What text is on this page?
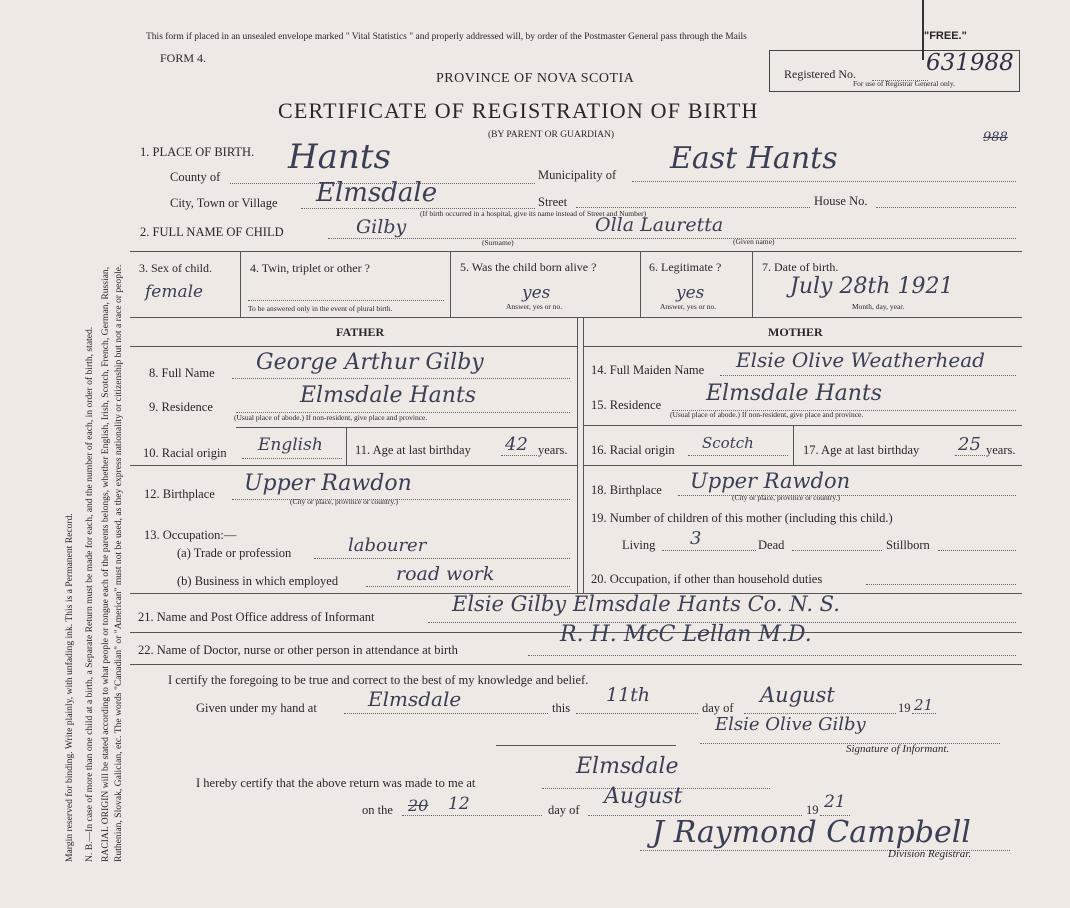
Margin reserved for binding. Write plainly, with unfading ink. This is a Permanent Record. N. B.—In case of more than one child at a birth, a Separate Return must be made for each, and the number of each, in order of birth, stated. RACIAL ORIGIN will be stated according to what people or tongue each of the parents belongs, whether English, Irish, Scotch, French, German, Russian, Ruthenian, Slovak, Galician, etc. The words "Canadian" or "American" must not be used, as they express nationality or citizenship but not a race or people.
This form if placed in an unsealed envelope marked " Vital Statistics " and properly addressed will, by order of the Postmaster General pass through the Mails	"FREE."
FORM 4.
PROVINCE OF NOVA SCOTIA
CERTIFICATE OF REGISTRATION OF BIRTH
(BY PARENT OR GUARDIAN)
Registered No.	631988
For use of Registrar General only.
988
1. PLACE OF BIRTH.
County of Hants	Municipality of East Hants
City, Town or Village Elmsdale	Street	House No.
(If birth occurred in a hospital, give its name instead of Street and Number)
2. FULL NAME OF CHILD	Gilby	Olla Lauretta
(Surname)	(Given name)
3. Sex of child.
female
4. Twin, triplet or other ?
To be answered only in the event of plural birth.
5. Was the child born alive ?
yes
Answer, yes or no.
6. Legitimate ?
yes
Answer, yes or no.
7. Date of birth.
July 28th 1921
Month, day, year.
FATHER	MOTHER
8. Full Name George Arthur Gilby
9. Residence	Elmsdale Hants
(Usual place of abode.) If non-resident, give place and province.
10. Racial origin English	11. Age at last birthday 42 years.
12. Birthplace Upper Rawdon
(City or place, province or country.)
13. Occupation:—
(a) Trade or profession	labourer
(b) Business in which employed	road work
14. Full Maiden Name Elsie Olive Weatherhead
15. Residence Elmsdale Hants
(Usual place of abode.) If non-resident, give place and province.
16. Racial origin Scotch	17. Age at last birthday 25 years.
18. Birthplace Upper Rawdon
(City or place, province or country.)
19. Number of children of this mother (including this child.)
Living 3	Dead	Stillborn
20. Occupation, if other than household duties
21. Name and Post Office address of Informant
Elsie Gilby Elmsdale Hants Co. N. S.
22. Name of Doctor, nurse or other person in attendance at birth
R. H. McC Lellan M.D.
I certify the foregoing to be true and correct to the best of my knowledge and belief.
Given under my hand at	Elmsdale	this
11th
day of
August
19 21
Elsie Olive Gilby
Signature of Informant.
I hereby certify that the above return was made to me at
Elmsdale
on the 20 12	day of
August
19 21
J Raymond Campbell
Division Registrar.
